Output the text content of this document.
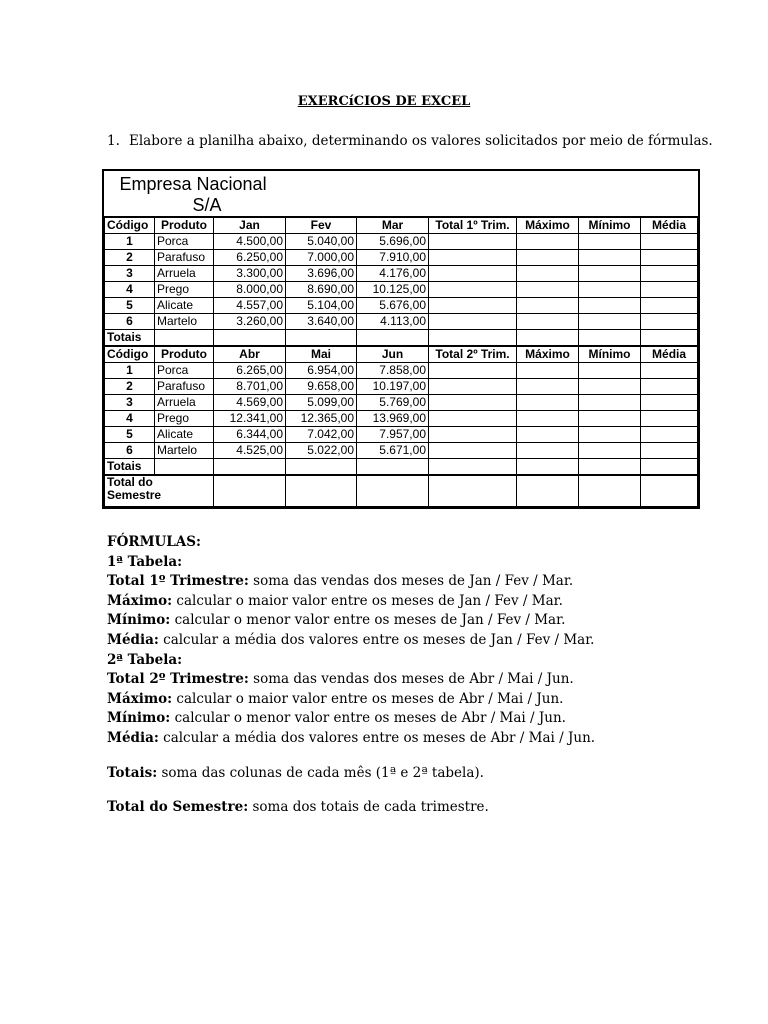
EXERCíCIOS DE EXCEL
1. Elabore a planilha abaixo, determinando os valores solicitados por meio de fórmulas.
Empresa Nacional
S/A								

Código	Produto	Jan	Fev	Mar	Total 1º Trim.	Máximo	Mínimo	Média
1	Porca	4.500,00	5.040,00	5.696,00				
2	Parafuso	6.250,00	7.000,00	7.910,00				
3	Arruela	3.300,00	3.696,00	4.176,00				
4	Prego	8.000,00	8.690,00	10.125,00				
5	Alicate	4.557,00	5.104,00	5.676,00				
6	Martelo	3.260,00	3.640,00	4.113,00				
Totais								
Código	Produto	Abr	Mai	Jun	Total 2º Trim.	Máximo	Mínimo	Média
1	Porca	6.265,00	6.954,00	7.858,00				
2	Parafuso	8.701,00	9.658,00	10.197,00				
3	Arruela	4.569,00	5.099,00	5.769,00				
4	Prego	12.341,00	12.365,00	13.969,00				
5	Alicate	6.344,00	7.042,00	7.957,00				
6	Martelo	4.525,00	5.022,00	5.671,00				
Totais								
Total do
Semestre								
FÓRMULAS:
1ª Tabela:
Total 1º Trimestre: soma das vendas dos meses de Jan / Fev / Mar.
Máximo: calcular o maior valor entre os meses de Jan / Fev / Mar.
Mínimo: calcular o menor valor entre os meses de Jan / Fev / Mar.
Média: calcular a média dos valores entre os meses de Jan / Fev / Mar.
2ª Tabela:
Total 2º Trimestre: soma das vendas dos meses de Abr / Mai / Jun.
Máximo: calcular o maior valor entre os meses de Abr / Mai / Jun.
Mínimo: calcular o menor valor entre os meses de Abr / Mai / Jun.
Média: calcular a média dos valores entre os meses de Abr / Mai / Jun.
Totais: soma das colunas de cada mês (1ª e 2ª tabela).
Total do Semestre: soma dos totais de cada trimestre.
